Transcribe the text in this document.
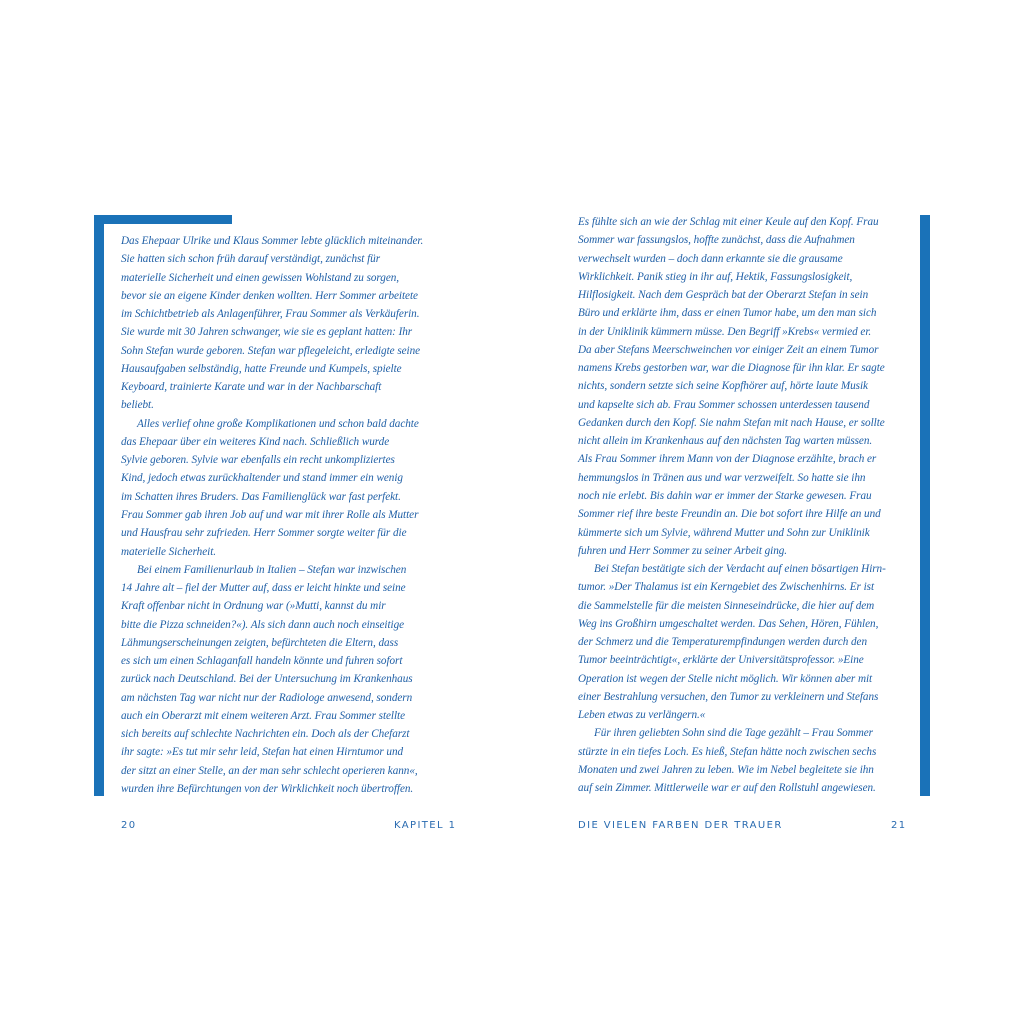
Das Ehepaar Ulrike und Klaus Sommer lebte glücklich miteinander.
Sie hatten sich schon früh darauf verständigt, zunächst für
materielle Sicherheit und einen gewissen Wohlstand zu sorgen,
bevor sie an eigene Kinder denken wollten. Herr Sommer arbeitete
im Schichtbetrieb als Anlagenführer, Frau Sommer als Verkäuferin.
Sie wurde mit 30 Jahren schwanger, wie sie es geplant hatten: Ihr
Sohn Stefan wurde geboren. Stefan war pflegeleicht, erledigte seine
Hausaufgaben selbständig, hatte Freunde und Kumpels, spielte
Keyboard, trainierte Karate und war in der Nachbarschaft
beliebt.

Alles verlief ohne große Komplikationen und schon bald dachte
das Ehepaar über ein weiteres Kind nach. Schließlich wurde
Sylvie geboren. Sylvie war ebenfalls ein recht unkompliziertes
Kind, jedoch etwas zurückhaltender und stand immer ein wenig
im Schatten ihres Bruders. Das Familienglück war fast perfekt.
Frau Sommer gab ihren Job auf und war mit ihrer Rolle als Mutter
und Hausfrau sehr zufrieden. Herr Sommer sorgte weiter für die
materielle Sicherheit.

Bei einem Familienurlaub in Italien – Stefan war inzwischen
14 Jahre alt – fiel der Mutter auf, dass er leicht hinkte und seine
Kraft offenbar nicht in Ordnung war (»Mutti, kannst du mir
bitte die Pizza schneiden?«). Als sich dann auch noch einseitige
Lähmungserscheinungen zeigten, befürchteten die Eltern, dass
es sich um einen Schlaganfall handeln könnte und fuhren sofort
zurück nach Deutschland. Bei der Untersuchung im Krankenhaus
am nächsten Tag war nicht nur der Radiologe anwesend, sondern
auch ein Oberarzt mit einem weiteren Arzt. Frau Sommer stellte
sich bereits auf schlechte Nachrichten ein. Doch als der Chefarzt
ihr sagte: »Es tut mir sehr leid, Stefan hat einen Hirntumor und
der sitzt an einer Stelle, an der man sehr schlecht operieren kann«,
wurden ihre Befürchtungen von der Wirklichkeit noch übertroffen.

Es fühlte sich an wie der Schlag mit einer Keule auf den Kopf. Frau
Sommer war fassungslos, hoffte zunächst, dass die Aufnahmen
verwechselt wurden – doch dann erkannte sie die grausame
Wirklichkeit. Panik stieg in ihr auf, Hektik, Fassungslosigkeit,
Hilflosigkeit. Nach dem Gespräch bat der Oberarzt Stefan in sein
Büro und erklärte ihm, dass er einen Tumor habe, um den man sich
in der Uniklinik kümmern müsse. Den Begriff »Krebs« vermied er.
Da aber Stefans Meerschweinchen vor einiger Zeit an einem Tumor
namens Krebs gestorben war, war die Diagnose für ihn klar. Er sagte
nichts, sondern setzte sich seine Kopfhörer auf, hörte laute Musik
und kapselte sich ab. Frau Sommer schossen unterdessen tausend
Gedanken durch den Kopf. Sie nahm Stefan mit nach Hause, er sollte
nicht allein im Krankenhaus auf den nächsten Tag warten müssen.
Als Frau Sommer ihrem Mann von der Diagnose erzählte, brach er
hemmungslos in Tränen aus und war verzweifelt. So hatte sie ihn
noch nie erlebt. Bis dahin war er immer der Starke gewesen. Frau
Sommer rief ihre beste Freundin an. Die bot sofort ihre Hilfe an und
kümmerte sich um Sylvie, während Mutter und Sohn zur Uniklinik
fuhren und Herr Sommer zu seiner Arbeit ging.

Bei Stefan bestätigte sich der Verdacht auf einen bösartigen Hirn-
tumor. »Der Thalamus ist ein Kerngebiet des Zwischenhirns. Er ist
die Sammelstelle für die meisten Sinneseindrücke, die hier auf dem
Weg ins Großhirn umgeschaltet werden. Das Sehen, Hören, Fühlen,
der Schmerz und die Temperaturempfindungen werden durch den
Tumor beeinträchtigt«, erklärte der Universitätsprofessor. »Eine
Operation ist wegen der Stelle nicht möglich. Wir können aber mit
einer Bestrahlung versuchen, den Tumor zu verkleinern und Stefans
Leben etwas zu verlängern.«

Für ihren geliebten Sohn sind die Tage gezählt – Frau Sommer
stürzte in ein tiefes Loch. Es hieß, Stefan hätte noch zwischen sechs
Monaten und zwei Jahren zu leben. Wie im Nebel begleitete sie ihn
auf sein Zimmer. Mittlerweile war er auf den Rollstuhl angewiesen.

20	KAPITEL 1	DIE VIELEN FARBEN DER TRAUER	21
